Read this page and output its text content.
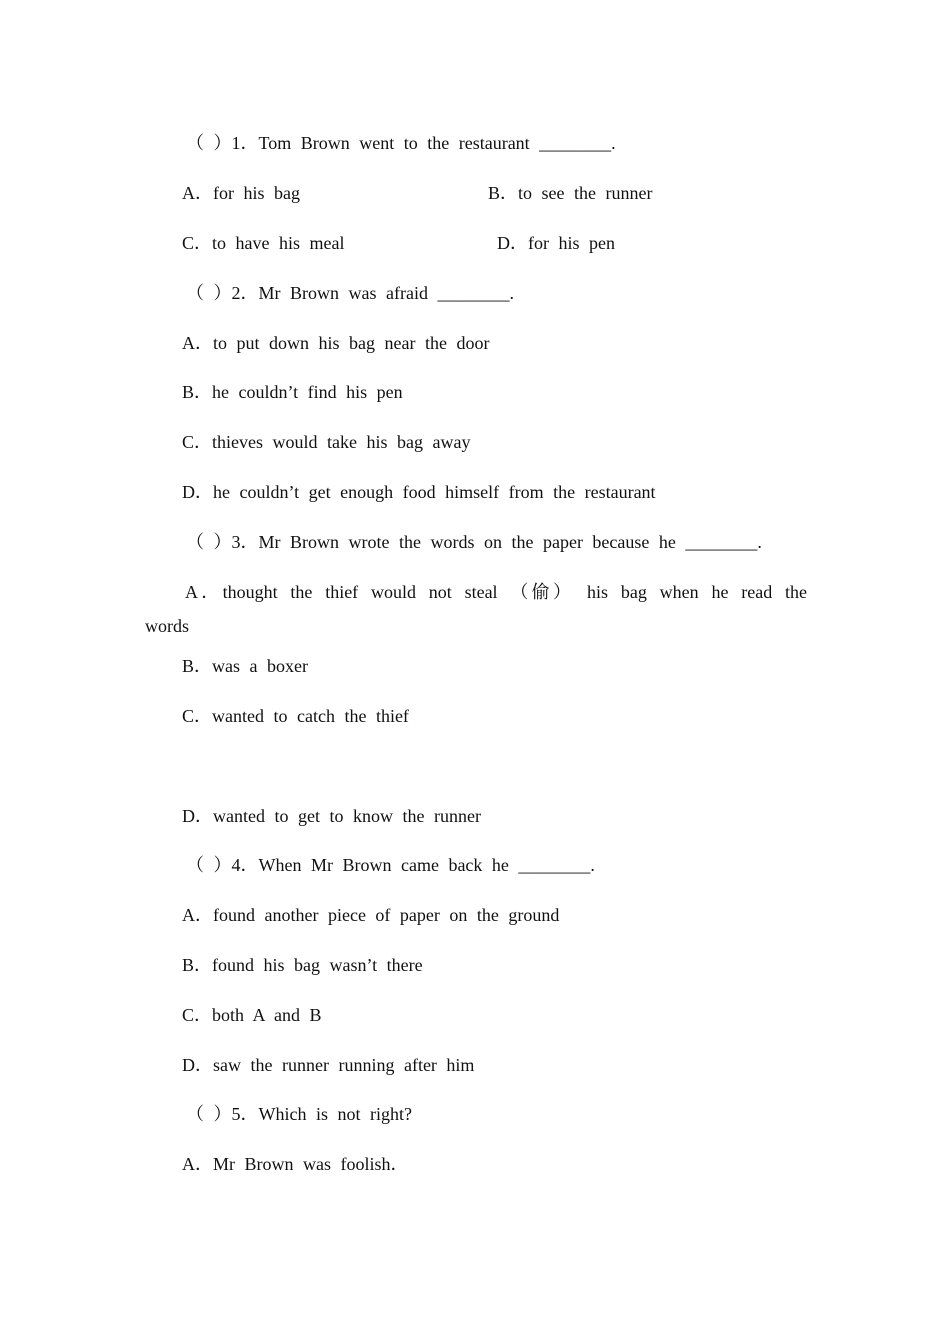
（ ）1．Tom Brown went to the restaurant ________.
A．for his bag	B．to see the runner
C．to have his meal	D．for his pen
（ ）2．Mr Brown was afraid ________.
A．to put down his bag near the door
B．he couldn’t find his pen
C．thieves would take his bag away
D．he couldn’t get enough food himself from the restaurant
（ ）3．Mr Brown wrote the words on the paper because he ________.
A．thought the thief would not steal （偷） his bag when he read the
words
B．was a boxer
C．wanted to catch the thief
D．wanted to get to know the runner
（ ）4．When Mr Brown came back he ________.
A．found another piece of paper on the ground
B．found his bag wasn’t there
C．both A and B
D．saw the runner running after him
（ ）5．Which is not right?
A．Mr Brown was foolish．
